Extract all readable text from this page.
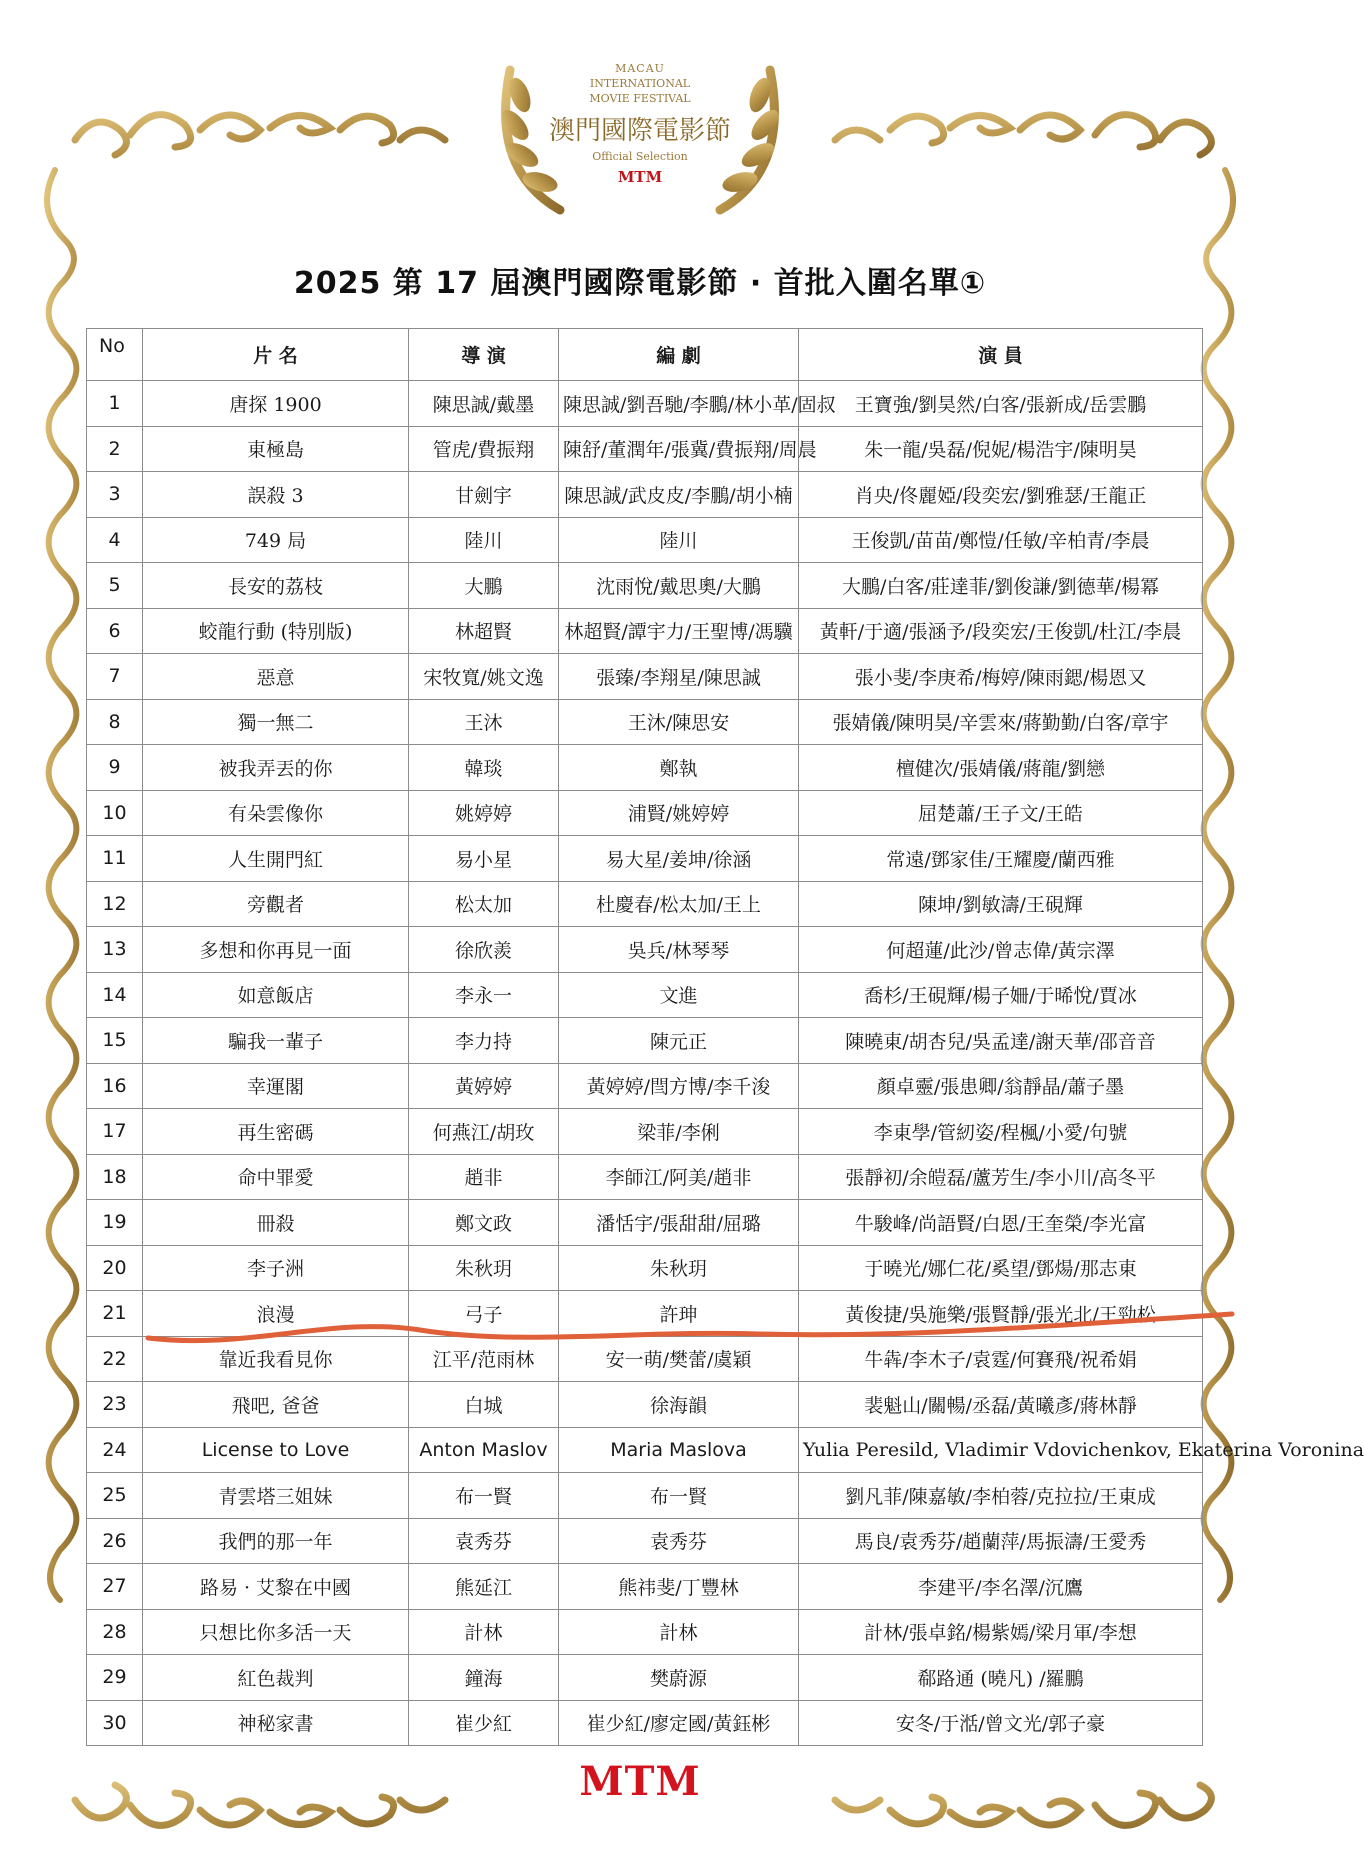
MACAU
INTERNATIONAL
MOVIE FESTIVAL
澳門國際電影節
Official Selection
MTM
2025 第 17 屆澳門國際電影節 · 首批入圍名單①
No	片 名	導 演	編 劇	演 員
1	唐探 1900	陳思誠/戴墨	陳思誠/劉吾馳/李鵬/林小革/固叔	王寶強/劉昊然/白客/張新成/岳雲鵬
2	東極島	管虎/費振翔	陳舒/董潤年/張冀/費振翔/周晨	朱一龍/吳磊/倪妮/楊浩宇/陳明昊
3	誤殺 3	甘劍宇	陳思誠/武皮皮/李鵬/胡小楠	肖央/佟麗婭/段奕宏/劉雅瑟/王龍正
4	749 局	陸川	陸川	王俊凱/苗苗/鄭愷/任敏/辛柏青/李晨
5	長安的荔枝	大鵬	沈雨悅/戴思奧/大鵬	大鵬/白客/莊達菲/劉俊謙/劉德華/楊冪
6	蛟龍行動 (特別版)	林超賢	林超賢/譚宇力/王聖博/馮驥	黃軒/于適/張涵予/段奕宏/王俊凱/杜江/李晨
7	惡意	宋牧寬/姚文逸	張臻/李翔星/陳思誠	張小斐/李庚希/梅婷/陳雨鍶/楊恩又
8	獨一無二	王沐	王沐/陳思安	張婧儀/陳明昊/辛雲來/蔣勤勤/白客/章宇
9	被我弄丟的你	韓琰	鄭執	檀健次/張婧儀/蔣龍/劉戀
10	有朵雲像你	姚婷婷	浦賢/姚婷婷	屈楚蕭/王子文/王皓
11	人生開門紅	易小星	易大星/姜坤/徐涵	常遠/鄧家佳/王耀慶/蘭西雅
12	旁觀者	松太加	杜慶春/松太加/王上	陳坤/劉敏濤/王硯輝
13	多想和你再見一面	徐欣羨	吳兵/林琴琴	何超蓮/此沙/曾志偉/黃宗澤
14	如意飯店	李永一	文進	喬杉/王硯輝/楊子姍/于晞悅/賈冰
15	騙我一輩子	李力持	陳元正	陳曉東/胡杏兒/吳孟達/謝天華/邵音音
16	幸運閣	黃婷婷	黃婷婷/閆方博/李千浚	顏卓靈/張患卿/翁靜晶/蕭子墨
17	再生密碼	何燕江/胡玫	梁菲/李俐	李東學/管紉姿/程楓/小愛/句號
18	命中罪愛	趙非	李師江/阿美/趙非	張靜初/余皚磊/蘆芳生/李小川/高冬平
19	冊殺	鄭文政	潘恬宇/張甜甜/屈璐	牛駿峰/尚語賢/白恩/王奎榮/李光富
20	李子洲	朱秋玥	朱秋玥	于曉光/娜仁花/奚望/鄧煬/那志東
21	浪漫	弓子	許珅	黃俊捷/吳施樂/張賢靜/張光北/王勁松
22	靠近我看見你	江平/范雨林	安一萌/樊蕾/虞穎	牛犇/李木子/袁霆/何賽飛/祝希娟
23	飛吧, 爸爸	白城	徐海韻	裴魁山/關暢/丞磊/黃曦彥/蔣林靜
24	License to Love	Anton Maslov	Maria Maslova	Yulia Peresild, Vladimir Vdovichenkov, Ekaterina Voronina
25	青雲塔三姐妹	布一賢	布一賢	劉凡菲/陳嘉敏/李柏蓉/克拉拉/王東成
26	我們的那一年	袁秀芬	袁秀芬	馬良/袁秀芬/趙蘭萍/馬振濤/王愛秀
27	路易 · 艾黎在中國	熊延江	熊祎斐/丁豐林	李建平/李名澤/沉鷹
28	只想比你多活一天	計林	計林	計林/張卓銘/楊紫嫣/梁月軍/李想
29	紅色裁判	鐘海	樊蔚源	郗路通 (曉凡) /羅鵬
30	神秘家書	崔少紅	崔少紅/廖定國/黃鈺彬	安冬/于湉/曾文光/郭子豪
MTM
